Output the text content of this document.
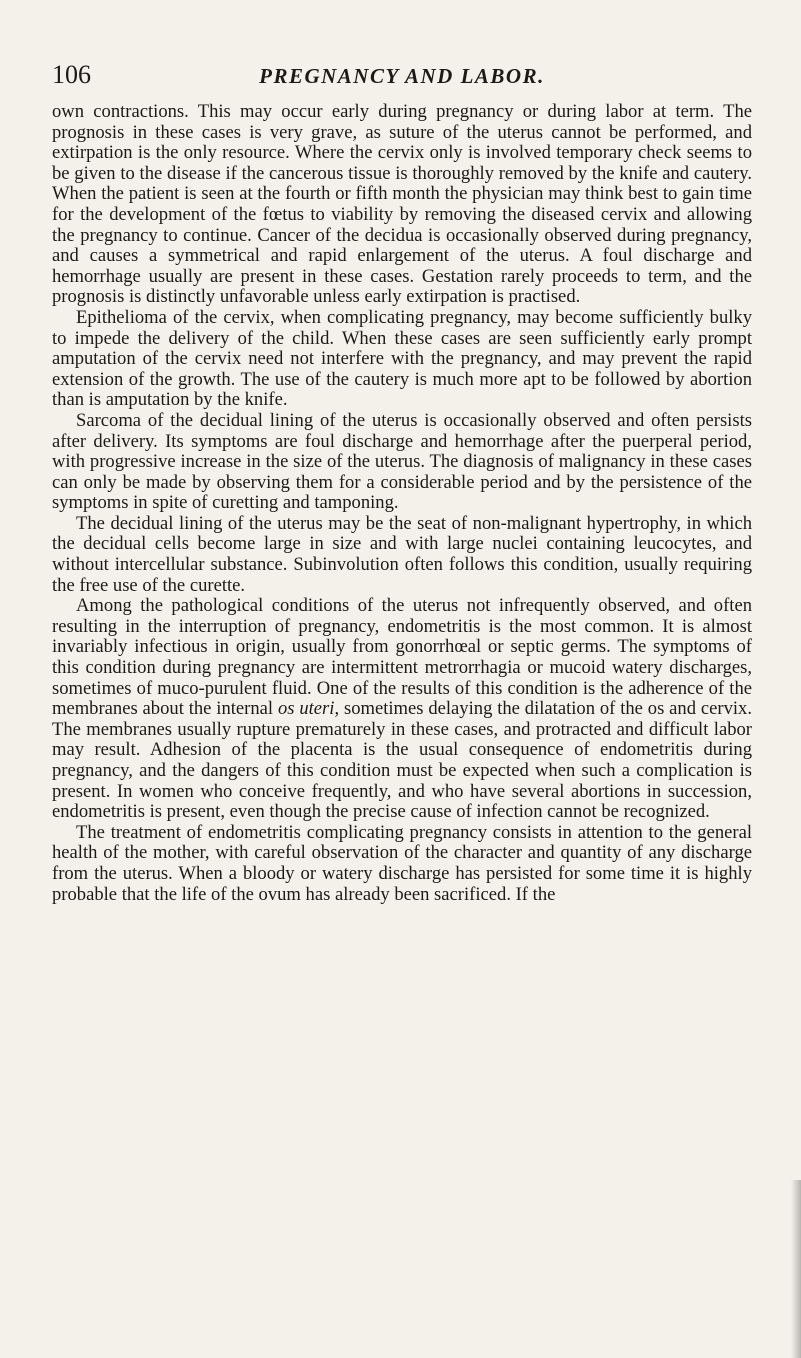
106	PREGNANCY AND LABOR.

own contractions. This may occur early during pregnancy or during labor at term. The prognosis in these cases is very grave, as suture of the uterus cannot be performed, and extirpation is the only resource. Where the cervix only is involved temporary check seems to be given to the disease if the cancerous tissue is thoroughly removed by the knife and cautery. When the patient is seen at the fourth or fifth month the physician may think best to gain time for the development of the fœtus to viability by removing the diseased cervix and allowing the pregnancy to continue. Cancer of the decidua is occasionally observed during pregnancy, and causes a symmetrical and rapid enlargement of the uterus. A foul discharge and hemorrhage usually are present in these cases. Gestation rarely proceeds to term, and the prognosis is distinctly unfavorable unless early extirpation is practised.

Epithelioma of the cervix, when complicating pregnancy, may become sufficiently bulky to impede the delivery of the child. When these cases are seen sufficiently early prompt amputation of the cervix need not interfere with the pregnancy, and may prevent the rapid extension of the growth. The use of the cautery is much more apt to be followed by abortion than is amputation by the knife.

Sarcoma of the decidual lining of the uterus is occasionally observed and often persists after delivery. Its symptoms are foul discharge and hemorrhage after the puerperal period, with progressive increase in the size of the uterus. The diagnosis of malignancy in these cases can only be made by observing them for a considerable period and by the persistence of the symptoms in spite of curetting and tamponing.

The decidual lining of the uterus may be the seat of non-malignant hypertrophy, in which the decidual cells become large in size and with large nuclei containing leucocytes, and without intercellular substance. Subinvolution often follows this condition, usually requiring the free use of the curette.

Among the pathological conditions of the uterus not infrequently observed, and often resulting in the interruption of pregnancy, endometritis is the most common. It is almost invariably infectious in origin, usually from gonorrhœal or septic germs. The symptoms of this condition during pregnancy are intermittent metrorrhagia or mucoid watery discharges, sometimes of muco-purulent fluid. One of the results of this condition is the adherence of the membranes about the internal os uteri, sometimes delaying the dilatation of the os and cervix. The membranes usually rupture prematurely in these cases, and protracted and difficult labor may result. Adhesion of the placenta is the usual consequence of endometritis during pregnancy, and the dangers of this condition must be expected when such a complication is present. In women who conceive frequently, and who have several abortions in succession, endometritis is present, even though the precise cause of infection cannot be recognized.

The treatment of endometritis complicating pregnancy consists in attention to the general health of the mother, with careful observation of the character and quantity of any discharge from the uterus. When a bloody or watery discharge has persisted for some time it is highly probable that the life of the ovum has already been sacrificed. If the
